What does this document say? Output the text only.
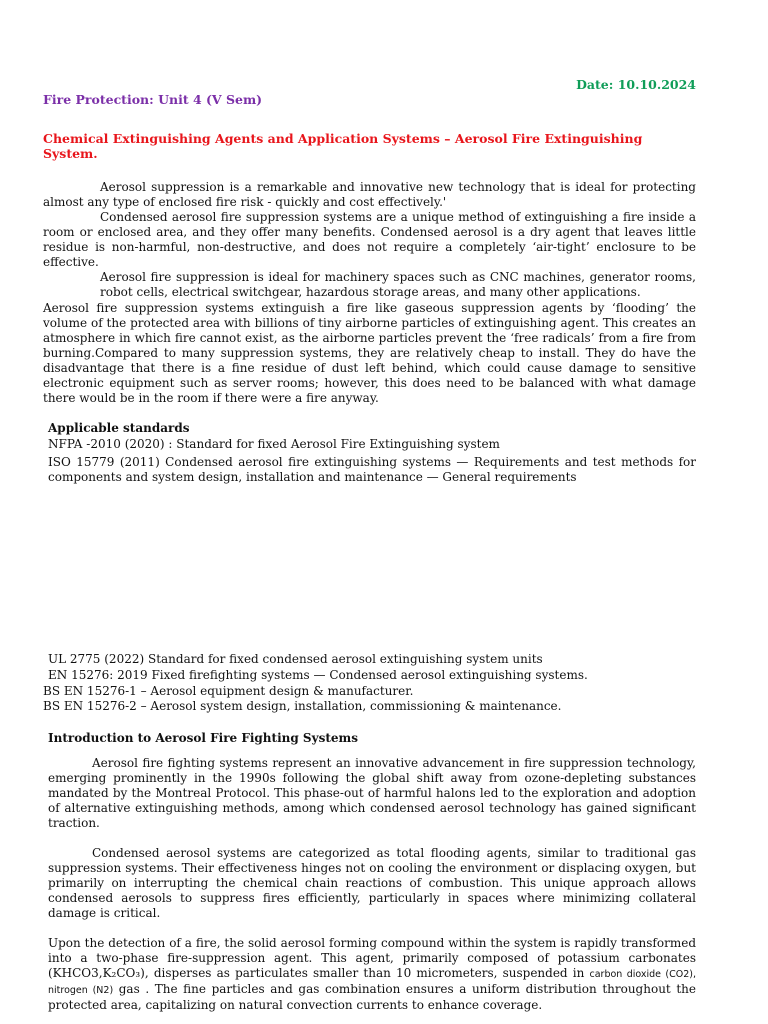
Date: 10.10.2024
Fire Protection: Unit 4 (V Sem)
Chemical Extinguishing Agents and Application Systems – Aerosol Fire Extinguishing System.
Aerosol suppression is a remarkable and innovative new technology that is ideal for protecting almost any type of enclosed fire risk - quickly and cost effectively.'
Condensed aerosol fire suppression systems are a unique method of extinguishing a fire inside a room or enclosed area, and they offer many benefits. Condensed aerosol is a dry agent that leaves little residue is non-harmful, non-destructive, and does not require a completely ‘air-tight’ enclosure to be effective.
Aerosol fire suppression is ideal for machinery spaces such as CNC machines, generator rooms, robot cells, electrical switchgear, hazardous storage areas, and many other applications.
Aerosol fire suppression systems extinguish a fire like gaseous suppression agents by ‘flooding’ the volume of the protected area with billions of tiny airborne particles of extinguishing agent. This creates an atmosphere in which fire cannot exist, as the airborne particles prevent the ‘free radicals’ from a fire from burning.Compared to many suppression systems, they are relatively cheap to install. They do have the disadvantage that there is a fine residue of dust left behind, which could cause damage to sensitive electronic equipment such as server rooms; however, this does need to be balanced with what damage there would be in the room if there were a fire anyway.
Applicable standards
NFPA -2010 (2020) : Standard for fixed Aerosol Fire Extinguishing system
ISO 15779 (2011) Condensed aerosol fire extinguishing systems — Requirements and test methods for components and system design, installation and maintenance — General requirements
UL 2775 (2022) Standard for fixed condensed aerosol extinguishing system units
EN 15276: 2019 Fixed firefighting systems — Condensed aerosol extinguishing systems.
BS EN 15276-1 – Aerosol equipment design & manufacturer.
BS EN 15276-2 – Aerosol system design, installation, commissioning & maintenance.
Introduction to Aerosol Fire Fighting Systems
Aerosol fire fighting systems represent an innovative advancement in fire suppression technology, emerging prominently in the 1990s following the global shift away from ozone-depleting substances mandated by the Montreal Protocol. This phase-out of harmful halons led to the exploration and adoption of alternative extinguishing methods, among which condensed aerosol technology has gained significant traction.
Condensed aerosol systems are categorized as total flooding agents, similar to traditional gas suppression systems. Their effectiveness hinges not on cooling the environment or displacing oxygen, but primarily on interrupting the chemical chain reactions of combustion. This unique approach allows condensed aerosols to suppress fires efficiently, particularly in spaces where minimizing collateral damage is critical.
Upon the detection of a fire, the solid aerosol forming compound within the system is rapidly transformed into a two-phase fire-suppression agent. This agent, primarily composed of potassium carbonates (KHCO3,K₂CO₃), disperses as particulates smaller than 10 micrometers, suspended in carbon dioxide (CO2), nitrogen (N2) gas . The fine particles and gas combination ensures a uniform distribution throughout the protected area, capitalizing on natural convection currents to enhance coverage.
